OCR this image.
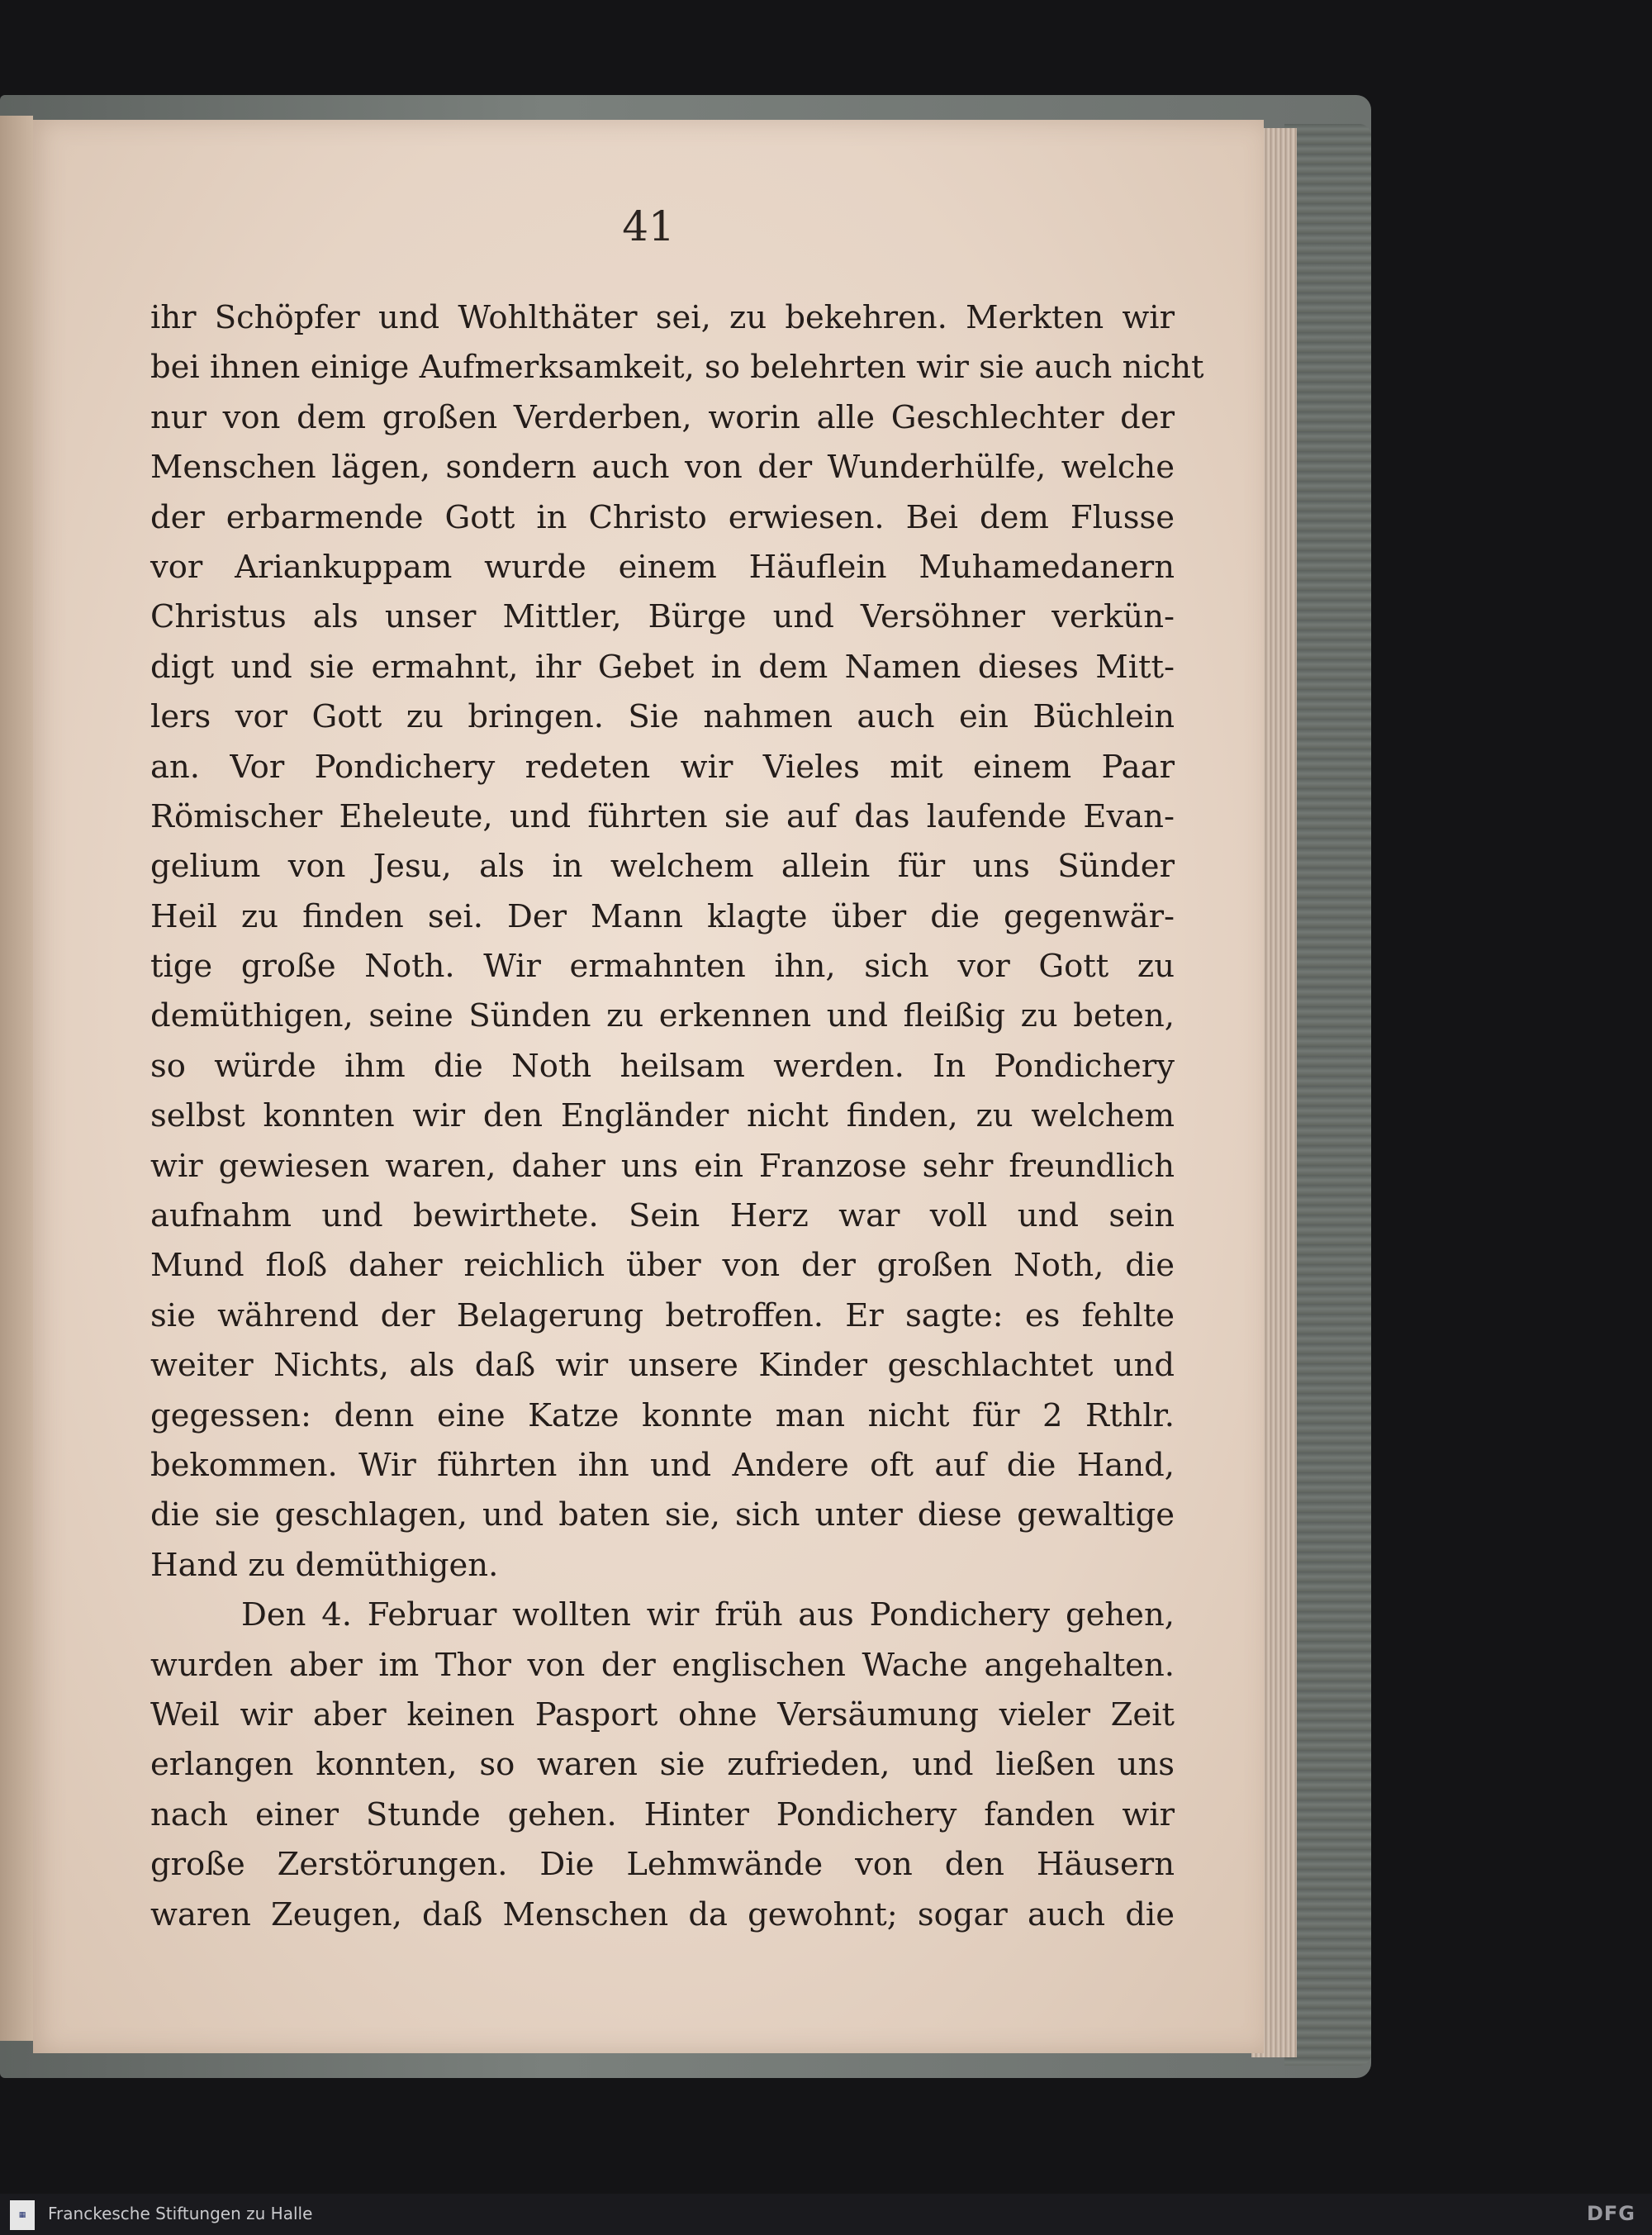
41
ihr Schöpfer und Wohlthäter sei, zu bekehren. Merkten wir
bei ihnen einige Aufmerksamkeit, so belehrten wir sie auch nicht
nur von dem großen Verderben, worin alle Geschlechter der
Menschen lägen, sondern auch von der Wunderhülfe, welche
der erbarmende Gott in Christo erwiesen. Bei dem Flusse
vor Ariankuppam wurde einem Häuflein Muhamedanern
Christus als unser Mittler, Bürge und Versöhner verkün-
digt und sie ermahnt, ihr Gebet in dem Namen dieses Mitt-
lers vor Gott zu bringen. Sie nahmen auch ein Büchlein
an. Vor Pondichery redeten wir Vieles mit einem Paar
Römischer Eheleute, und führten sie auf das laufende Evan-
gelium von Jesu, als in welchem allein für uns Sünder
Heil zu finden sei. Der Mann klagte über die gegenwär-
tige große Noth. Wir ermahnten ihn, sich vor Gott zu
demüthigen, seine Sünden zu erkennen und fleißig zu beten,
so würde ihm die Noth heilsam werden. In Pondichery
selbst konnten wir den Engländer nicht finden, zu welchem
wir gewiesen waren, daher uns ein Franzose sehr freundlich
aufnahm und bewirthete. Sein Herz war voll und sein
Mund floß daher reichlich über von der großen Noth, die
sie während der Belagerung betroffen. Er sagte: es fehlte
weiter Nichts, als daß wir unsere Kinder geschlachtet und
gegessen: denn eine Katze konnte man nicht für 2 Rthlr.
bekommen. Wir führten ihn und Andere oft auf die Hand,
die sie geschlagen, und baten sie, sich unter diese gewaltige
Hand zu demüthigen.
Den 4. Februar wollten wir früh aus Pondichery gehen,
wurden aber im Thor von der englischen Wache angehalten.
Weil wir aber keinen Pasport ohne Versäumung vieler Zeit
erlangen konnten, so waren sie zufrieden, und ließen uns
nach einer Stunde gehen. Hinter Pondichery fanden wir
große Zerstörungen. Die Lehmwände von den Häusern
waren Zeugen, daß Menschen da gewohnt; sogar auch die
▦	Franckesche Stiftungen zu Halle	DFG
